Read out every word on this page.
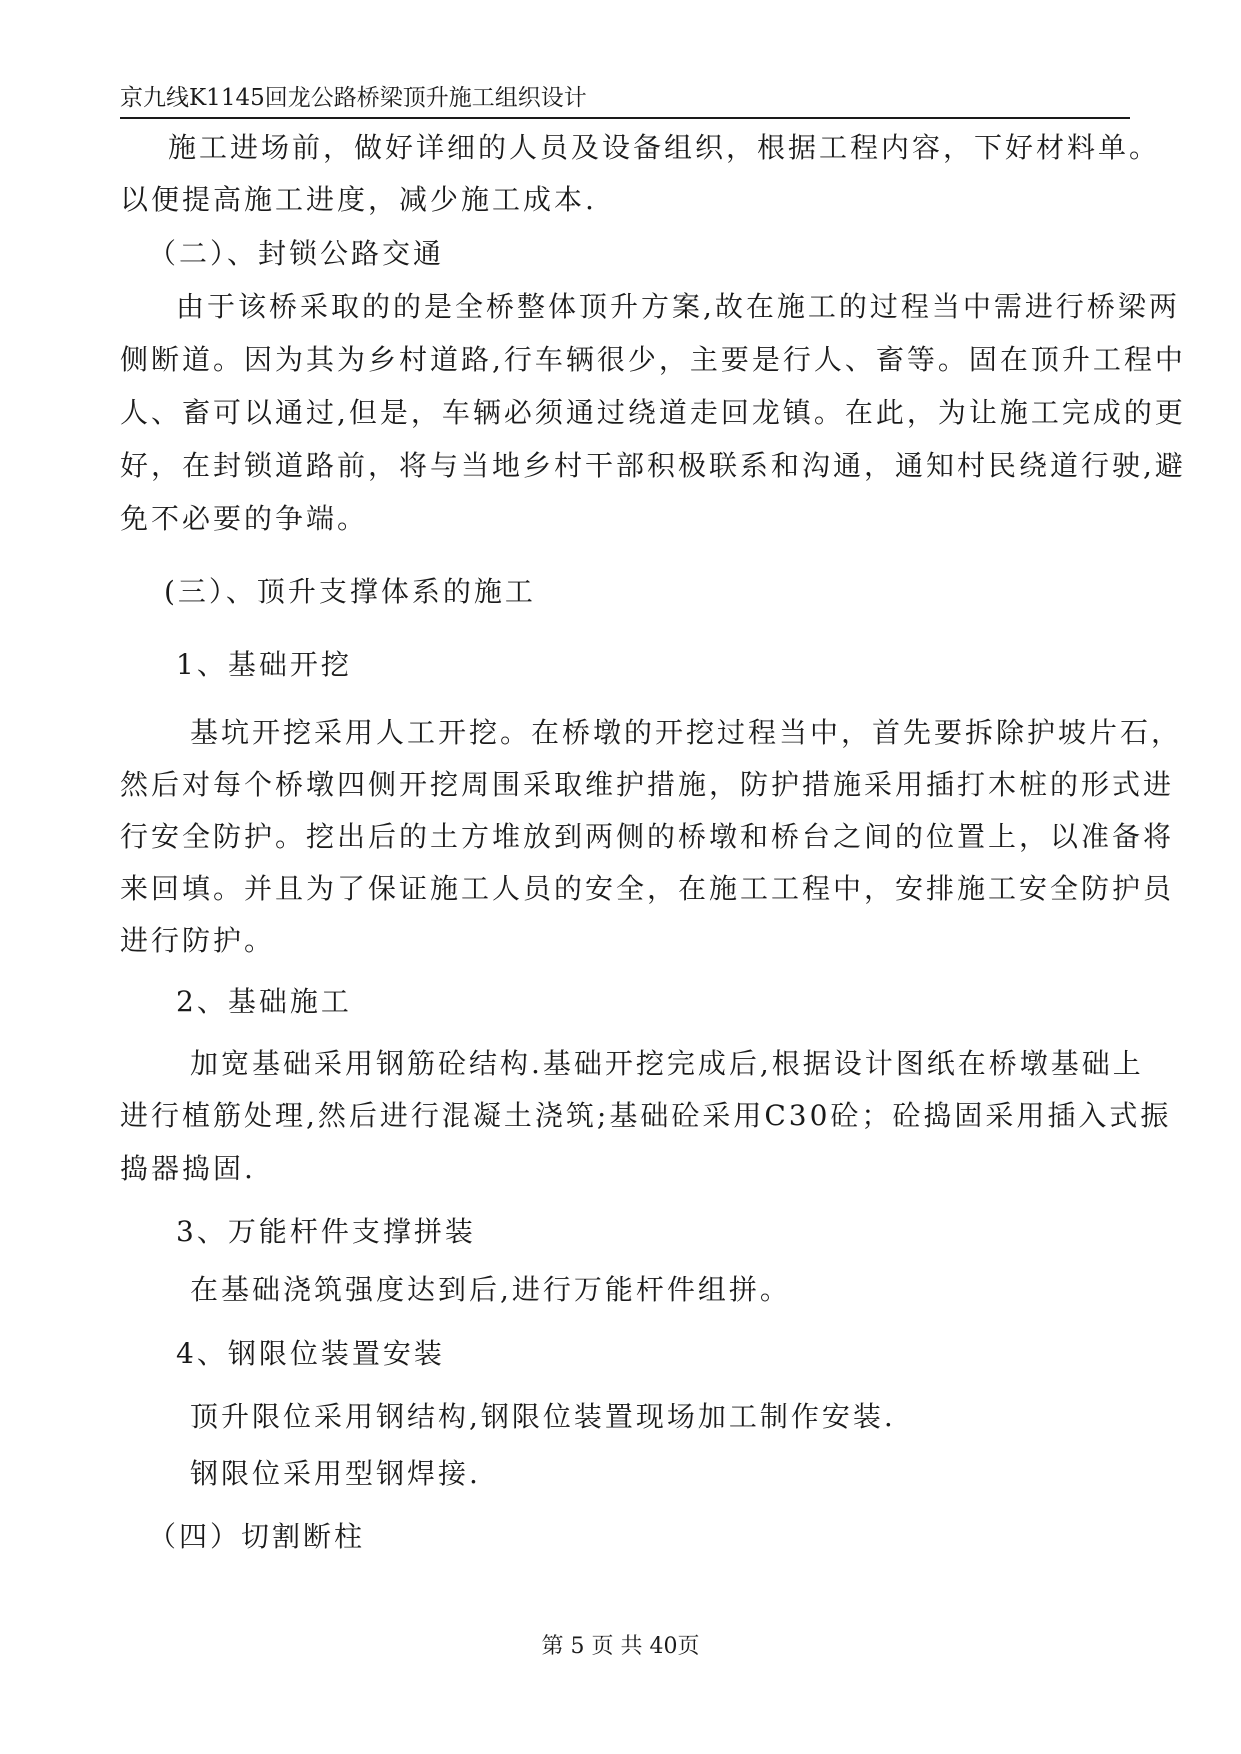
京九线K1145回龙公路桥梁顶升施工组织设计
施工进场前，做好详细的人员及设备组织，根据工程内容，下好材料单。
以便提高施工进度，减少施工成本.
（二）、封锁公路交通
由于该桥采取的的是全桥整体顶升方案,故在施工的过程当中需进行桥梁两
侧断道。因为其为乡村道路,行车辆很少，主要是行人、畜等。固在顶升工程中
人、畜可以通过,但是，车辆必须通过绕道走回龙镇。在此，为让施工完成的更
好，在封锁道路前，将与当地乡村干部积极联系和沟通，通知村民绕道行驶,避
免不必要的争端。
(三）、顶升支撑体系的施工
1、基础开挖
基坑开挖采用人工开挖。在桥墩的开挖过程当中，首先要拆除护坡片石，
然后对每个桥墩四侧开挖周围采取维护措施，防护措施采用插打木桩的形式进
行安全防护。挖出后的土方堆放到两侧的桥墩和桥台之间的位置上，以准备将
来回填。并且为了保证施工人员的安全，在施工工程中，安排施工安全防护员
进行防护。
2、基础施工
加宽基础采用钢筋砼结构.基础开挖完成后,根据设计图纸在桥墩基础上
进行植筋处理,然后进行混凝土浇筑;基础砼采用C30砼；砼捣固采用插入式振
捣器捣固.
3、万能杆件支撑拼装
在基础浇筑强度达到后,进行万能杆件组拼。
4、钢限位装置安装
顶升限位采用钢结构,钢限位装置现场加工制作安装.
钢限位采用型钢焊接.
（四）切割断柱
第 5 页 共 40页
